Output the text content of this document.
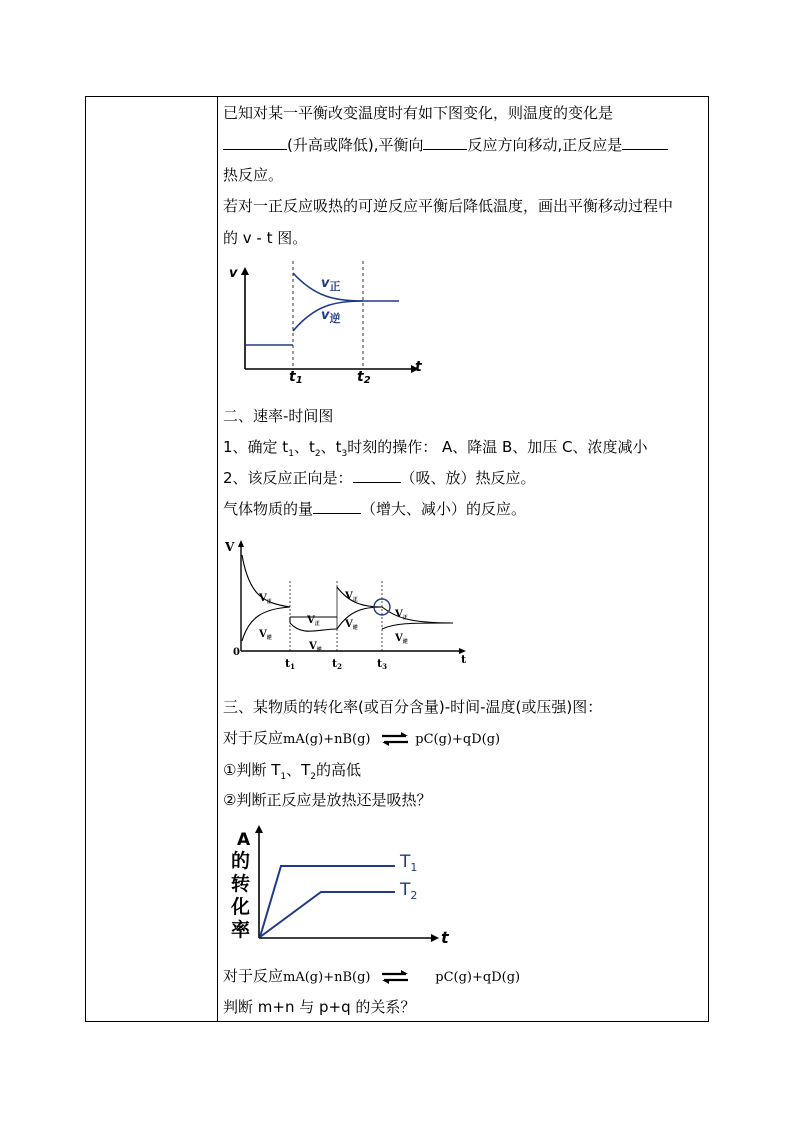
已知对某一平衡改变温度时有如下图变化，则温度的变化是
(升高或降低),平衡向	反应方向移动,正反应是
热反应。
若对一正反应吸热的可逆反应平衡后降低温度，画出平衡移动过程中
的 v - t 图。
v
t
$v_正$
$v_逆$
t1	t2
二、速率-时间图
1、确定 $t_1$、$t_2$、$t_3$时刻的操作： A、降温 B、加压 C、浓度减小
2、该反应正向是：	（吸、放）热反应。
气体物质的量	（增大、减小）的反应。
V
t
0
$V_正$
$V_逆$
$V_正$
$V_逆$
$V_正$
$V_逆$
$V_正$
$V_逆$
t1	t2	t3
三、某物质的转化率(或百分含量)-时间-温度(或压强)图：
对于反应mA(g)+nB(g) ⇌ pC(g)+qD(g)
①判断 $T_1$、$T_2$的高低
②判断正反应是放热还是吸热？
A
的
转
化
率	t
$T_1$
$T_2$
对于反应mA(g)+nB(g) ⇌ pC(g)+qD(g)
判断 m+n 与 p+q 的关系？
